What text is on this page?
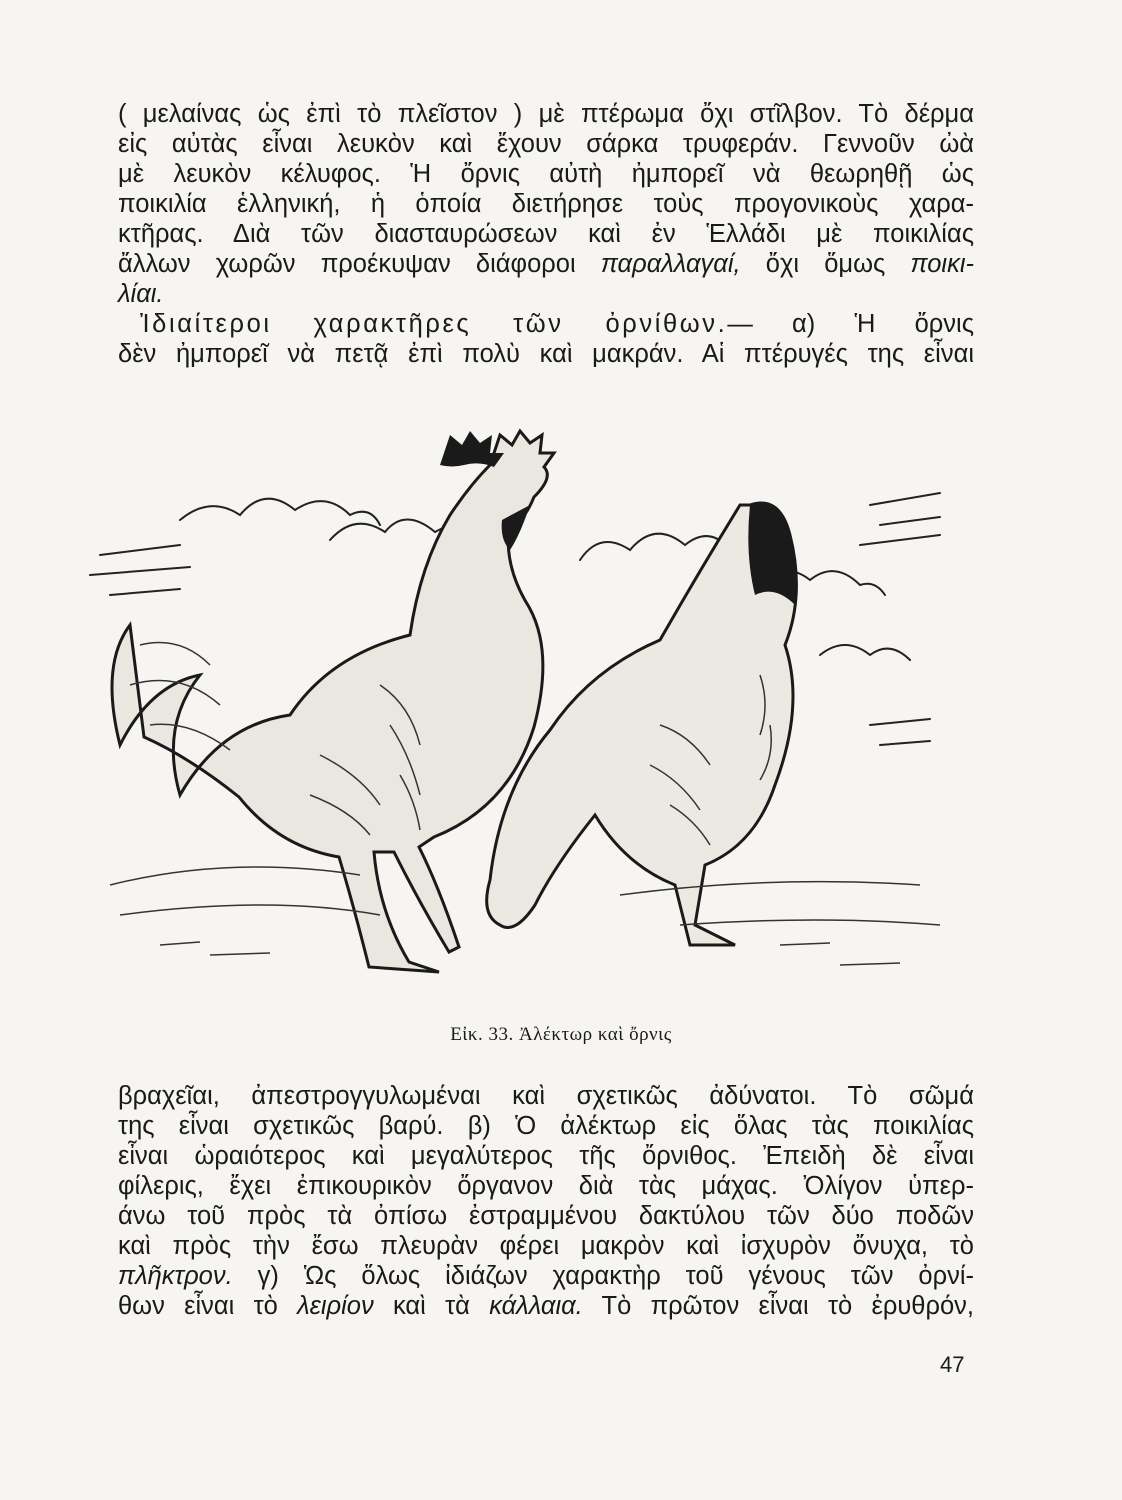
( μελαίνας ὡς ἐπὶ τὸ πλεῖστον ) μὲ πτέρωμα ὄχι στῖλβον. Τὸ δέρμα
εἰς αὐτὰς εἶναι λευκὸν καὶ ἔχουν σάρκα τρυφεράν. Γεννοῦν ὠὰ
μὲ λευκὸν κέλυφος. Ἡ ὄρνις αὐτὴ ἠμπορεῖ νὰ θεωρηθῇ ὡς
ποικιλία ἑλληνική, ἡ ὁποία διετήρησε τοὺς προγονικοὺς χαρα-
κτῆρας. Διὰ τῶν διασταυρώσεων καὶ ἐν Ἑλλάδι μὲ ποικιλίας
ἄλλων χωρῶν προέκυψαν διάφοροι παραλλαγαί, ὄχι ὅμως ποικι-
λίαι.
Ἰδιαίτεροι χαρακτῆρες τῶν ὀρνίθων.— α) Ἡ ὄρνις
δὲν ἠμπορεῖ νὰ πετᾷ ἐπὶ πολὺ καὶ μακράν. Αἱ πτέρυγές της εἶναι
Εἰκ. 33. Ἀλέκτωρ καὶ ὄρνις
βραχεῖαι, ἀπεστρογγυλωμέναι καὶ σχετικῶς ἀδύνατοι. Τὸ σῶμά
της εἶναι σχετικῶς βαρύ. β) Ὁ ἀλέκτωρ εἰς ὅλας τὰς ποικιλίας
εἶναι ὡραιότερος καὶ μεγαλύτερος τῆς ὄρνιθος. Ἐπειδὴ δὲ εἶναι
φίλερις, ἔχει ἐπικουρικὸν ὄργανον διὰ τὰς μάχας. Ὀλίγον ὑπερ-
άνω τοῦ πρὸς τὰ ὀπίσω ἐστραμμένου δακτύλου τῶν δύο ποδῶν
καὶ πρὸς τὴν ἔσω πλευρὰν φέρει μακρὸν καὶ ἰσχυρὸν ὄνυχα, τὸ
πλῆκτρον. γ) Ὡς ὅλως ἰδιάζων χαρακτὴρ τοῦ γένους τῶν ὀρνί-
θων εἶναι τὸ λειρίον καὶ τὰ κάλλαια. Τὸ πρῶτον εἶναι τὸ ἐρυθρόν,
47
